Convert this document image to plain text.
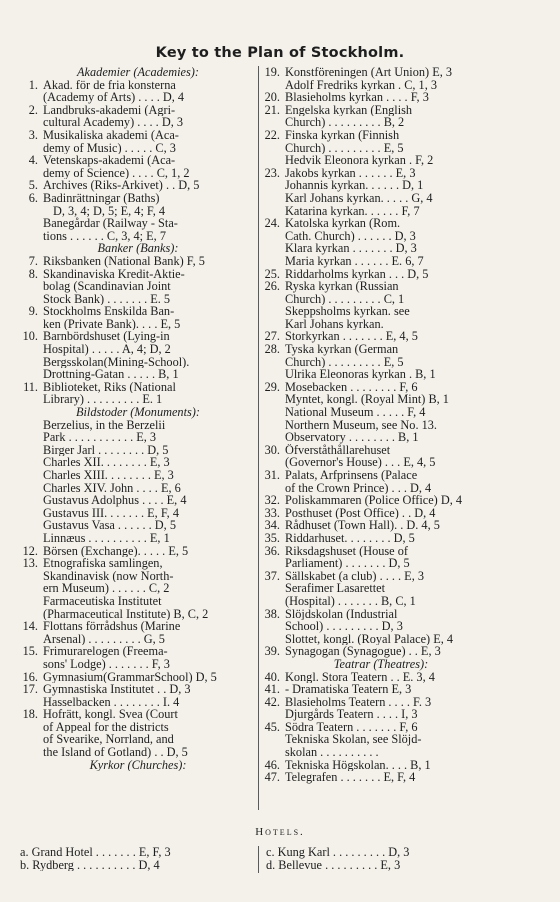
Key to the Plan of Stockholm.
Akademier (Academies):
1. Akad. för de fria konsterna
(Academy of Arts) . . . . D, 4
2. Landbruks-akademi (Agri-
cultural Academy) . . . . D, 3
3. Musikaliska akademi (Aca-
demy of Music) . . . . . C, 3
4. Vetenskaps-akademi (Aca-
demy of Science) . . . . C, 1, 2
5. Archives (Riks-Arkivet) . . D, 5
6. Badinrättningar (Baths)
D, 3, 4; D, 5; E, 4; F, 4
Banegårdar (Railway - Sta-
tions . . . . . . C, 3, 4; E, 7
Banker (Banks):
7. Riksbanken (National Bank) F, 5
8. Skandinaviska Kredit-Aktie-
bolag (Scandinavian Joint
Stock Bank) . . . . . . . E. 5
9. Stockholms Enskilda Ban-
ken (Private Bank). . . . E, 5
10. Barnbördshuset (Lying-in
Hospital) . . . . . A, 4; D, 2
Bergsskolan(Mining-School).
Drottning-Gatan . . . . . B, 1
11. Biblioteket, Riks (National
Library) . . . . . . . . . E. 1
Bildstoder (Monuments):
Berzelius, in the Berzelii
Park . . . . . . . . . . . E, 3
Birger Jarl . . . . . . . . D, 5
Charles XII. . . . . . . . E, 3
Charles XIII. . . . . . . . E, 3
Charles XIV. John . . . . E, 6
Gustavus Adolphus . . . . E, 4
Gustavus III. . . . . . . E, F, 4
Gustavus Vasa . . . . . . D, 5
Linnæus . . . . . . . . . . E, 1
12. Börsen (Exchange). . . . . E, 5
13. Etnografiska samlingen,
Skandinavisk (now North-
ern Museum) . . . . . . C, 2
Farmaceutiska Institutet
(Pharmaceutical Institute) B, C, 2
14. Flottans förrådshus (Marine
Arsenal) . . . . . . . . . G, 5
15. Frimurarelogen (Freema-
sons' Lodge) . . . . . . . F, 3
16. Gymnasium(GrammarSchool) D, 5
17. Gymnastiska Institutet . . D, 3
Hasselbacken . . . . . . . . I. 4
18. Hofrätt, kongl. Svea (Court
of Appeal for the districts
of Svearike, Norrland, and
the Island of Gotland) . . D, 5
Kyrkor (Churches):
19. Konstföreningen (Art Union) E, 3
Adolf Fredriks kyrkan . C, 1, 3
20. Blasieholms kyrkan . . . . F, 3
21. Engelska kyrkan (English
Church) . . . . . . . . . B, 2
22. Finska kyrkan (Finnish
Church) . . . . . . . . . E, 5
Hedvik Eleonora kyrkan . F, 2
23. Jakobs kyrkan . . . . . . E, 3
Johannis kyrkan. . . . . . D, 1
Karl Johans kyrkan. . . . . G, 4
Katarina kyrkan. . . . . . F, 7
24. Katolska kyrkan (Rom.
Cath. Church) . . . . . . D, 3
Klara kyrkan . . . . . . . D, 3
Maria kyrkan . . . . . . E. 6, 7
25. Riddarholms kyrkan . . . D, 5
26. Ryska kyrkan (Russian
Church) . . . . . . . . . C, 1
Skeppsholms kyrkan. see
Karl Johans kyrkan.
27. Storkyrkan . . . . . . . E, 4, 5
28. Tyska kyrkan (German
Church) . . . . . . . . . E, 5
Ulrika Eleonoras kyrkan . B, 1
29. Mosebacken . . . . . . . . F, 6
Myntet, kongl. (Royal Mint) B, 1
National Museum . . . . . F, 4
Northern Museum, see No. 13.
Observatory . . . . . . . . B, 1
30. Öfverståthållarehuset
(Governor's House) . . . E, 4, 5
31. Palats, Arfprinsens (Palace
of the Crown Prince) . . . D, 4
32. Poliskammaren (Police Office) D, 4
33. Posthuset (Post Office) . . D, 4
34. Rådhuset (Town Hall). . D. 4, 5
35. Riddarhuset. . . . . . . . D, 5
36. Riksdagshuset (House of
Parliament) . . . . . . . D, 5
37. Sällskabet (a club) . . . . E, 3
Serafimer Lasarettet
(Hospital) . . . . . . . B, C, 1
38. Slöjdskolan (Industrial
School) . . . . . . . . . D, 3
Slottet, kongl. (Royal Palace) E, 4
39. Synagogan (Synagogue) . . E, 3
Teatrar (Theatres):
40. Kongl. Stora Teatern . . E. 3, 4
41. - Dramatiska Teatern E, 3
42. Blasieholms Teatern . . . . F. 3
Djurgårds Teatern . . . . I, 3
45. Södra Teatern . . . . . . . F, 6
Tekniska Skolan, see Slöjd-
skolan . . . . . . . . . .
46. Tekniska Högskolan. . . . B, 1
47. Telegrafen . . . . . . . E, F, 4
Hotels.
a. Grand Hotel . . . . . . . E, F, 3
b. Rydberg . . . . . . . . . . D, 4
c. Kung Karl . . . . . . . . . D, 3
d. Bellevue . . . . . . . . . E, 3
